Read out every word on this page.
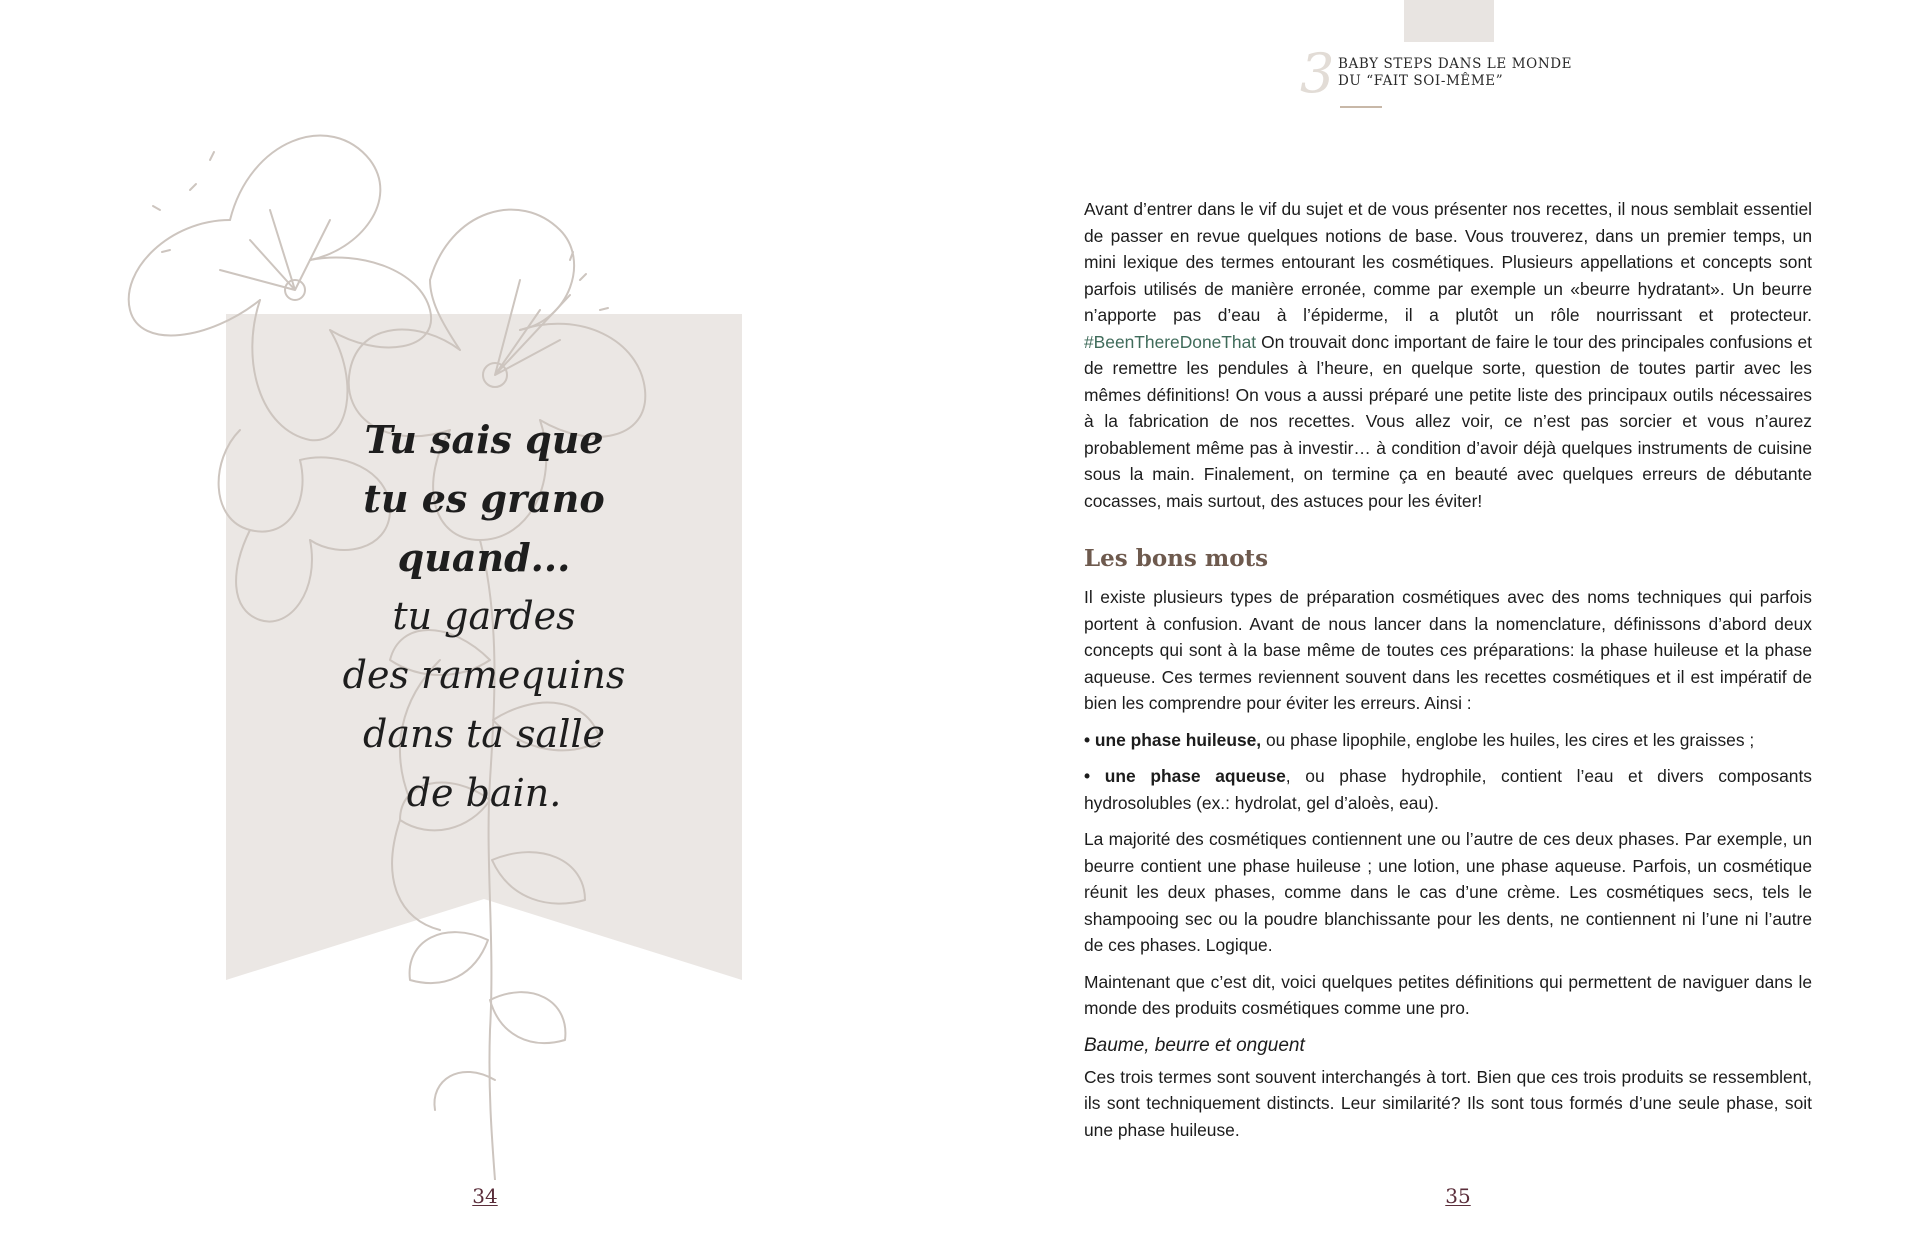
Tu sais que
tu es grano
quand...
tu gardes
des ramequins
dans ta salle
de bain.
34
3 BABY STEPS DANS LE MONDE
DU “FAIT SOI-MÊME”

Avant d’entrer dans le vif du sujet et de vous présenter nos recettes, il nous semblait essentiel de passer en revue quelques notions de base. Vous trouverez, dans un premier temps, un mini lexique des termes entourant les cosmétiques. Plusieurs appellations et concepts sont parfois utilisés de manière erronée, comme par exemple un «beurre hydratant». Un beurre n’apporte pas d’eau à l’épiderme, il a plutôt un rôle nourrissant et protecteur. #BeenThereDoneThat On trouvait donc important de faire le tour des principales confusions et de remettre les pendules à l’heure, en quelque sorte, question de toutes partir avec les mêmes définitions! On vous a aussi préparé une petite liste des principaux outils nécessaires à la fabrication de nos recettes. Vous allez voir, ce n’est pas sorcier et vous n’aurez probablement même pas à investir… à condition d’avoir déjà quelques instruments de cuisine sous la main. Finalement, on termine ça en beauté avec quelques erreurs de débutante cocasses, mais surtout, des astuces pour les éviter!

Les bons mots

Il existe plusieurs types de préparation cosmétiques avec des noms techniques qui parfois portent à confusion. Avant de nous lancer dans la nomenclature, définissons d’abord deux concepts qui sont à la base même de toutes ces préparations: la phase huileuse et la phase aqueuse. Ces termes reviennent souvent dans les recettes cosmétiques et il est impératif de bien les comprendre pour éviter les erreurs. Ainsi :

• une phase huileuse, ou phase lipophile, englobe les huiles, les cires et les graisses ;

• une phase aqueuse, ou phase hydrophile, contient l’eau et divers composants hydrosolubles (ex.: hydrolat, gel d’aloès, eau).

La majorité des cosmétiques contiennent une ou l’autre de ces deux phases. Par exemple, un beurre contient une phase huileuse ; une lotion, une phase aqueuse. Parfois, un cosmétique réunit les deux phases, comme dans le cas d’une crème. Les cosmétiques secs, tels le shampooing sec ou la poudre blanchissante pour les dents, ne contiennent ni l’une ni l’autre de ces phases. Logique.

Maintenant que c’est dit, voici quelques petites définitions qui permettent de naviguer dans le monde des produits cosmétiques comme une pro.

Baume, beurre et onguent

Ces trois termes sont souvent interchangés à tort. Bien que ces trois produits se ressemblent, ils sont techniquement distincts. Leur similarité? Ils sont tous formés d’une seule phase, soit une phase huileuse.

35
